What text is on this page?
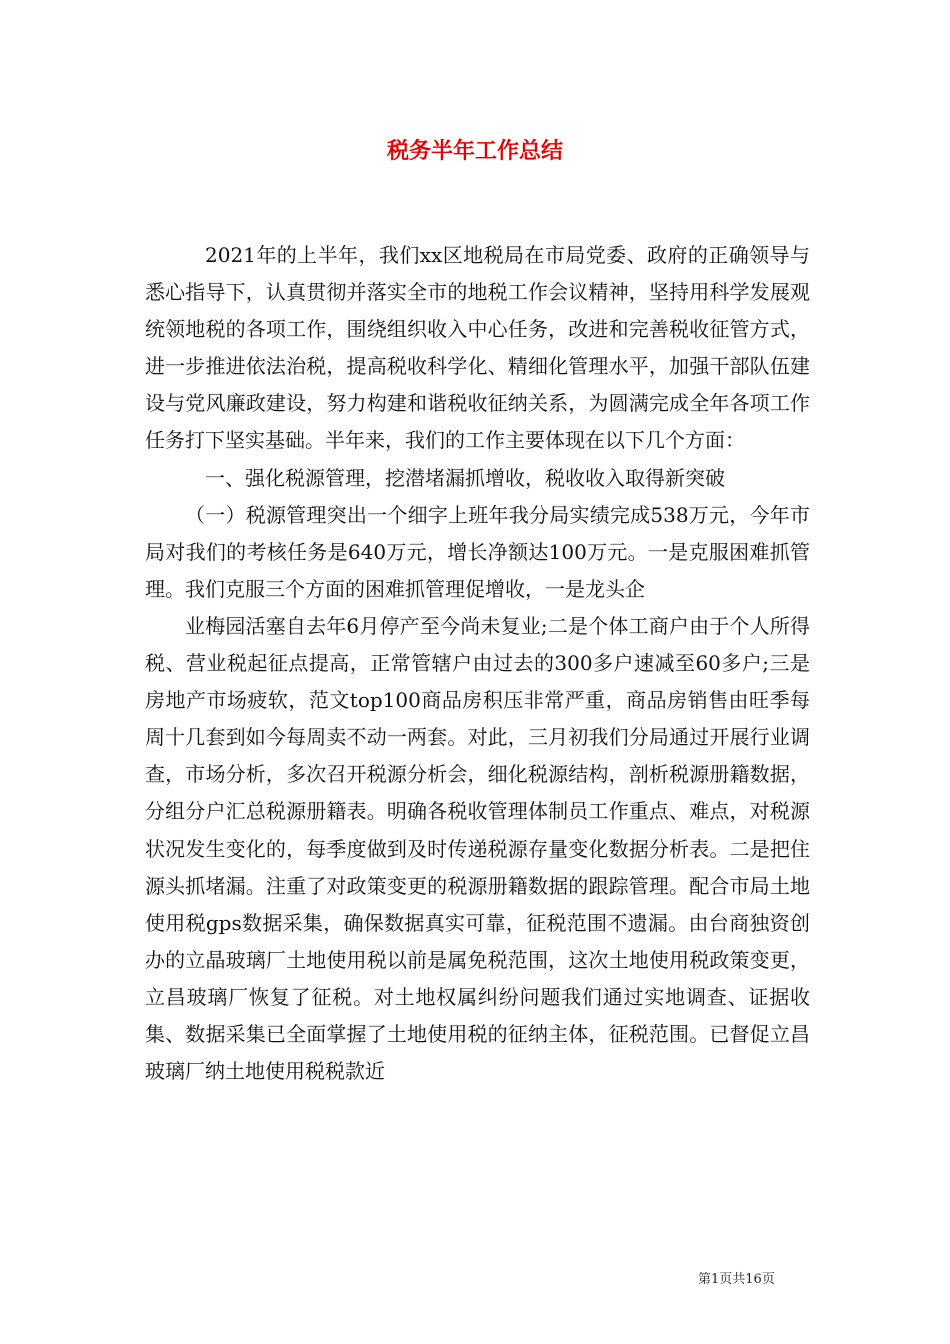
税务半年工作总结

2021年的上半年，我们xx区地税局在市局党委、政府的正确领导与悉心指导下，认真贯彻并落实全市的地税工作会议精神，坚持用科学发展观统领地税的各项工作，围绕组织收入中心任务，改进和完善税收征管方式，进一步推进依法治税，提高税收科学化、精细化管理水平，加强干部队伍建设与党风廉政建设，努力构建和谐税收征纳关系，为圆满完成全年各项工作任务打下坚实基础。半年来，我们的工作主要体现在以下几个方面：

一、强化税源管理，挖潜堵漏抓增收，税收收入取得新突破

（一）税源管理突出一个细字上班年我分局实绩完成538万元，今年市局对我们的考核任务是640万元，增长净额达100万元。一是克服困难抓管理。我们克服三个方面的困难抓管理促增收，一是龙头企

业梅园活塞自去年6月停产至今尚未复业;二是个体工商户由于个人所得税、营业税起征点提高，正常管辖户由过去的300多户速减至60多户;三是房地产市场疲软，范文top100商品房积压非常严重，商品房销售由旺季每周十几套到如今每周卖不动一两套。对此，三月初我们分局通过开展行业调查，市场分析，多次召开税源分析会，细化税源结构，剖析税源册籍数据，分组分户汇总税源册籍表。明确各税收管理体制员工作重点、难点，对税源状况发生变化的，每季度做到及时传递税源存量变化数据分析表。二是把住源头抓堵漏。注重了对政策变更的税源册籍数据的跟踪管理。配合市局土地使用税gps数据采集，确保数据真实可靠，征税范围不遗漏。由台商独资创办的立晶玻璃厂土地使用税以前是属免税范围，这次土地使用税政策变更，立昌玻璃厂恢复了征税。对土地权属纠纷问题我们通过实地调查、证据收集、数据采集已全面掌握了土地使用税的征纳主体，征税范围。已督促立昌玻璃厂纳土地使用税税款近

第1页共16页
